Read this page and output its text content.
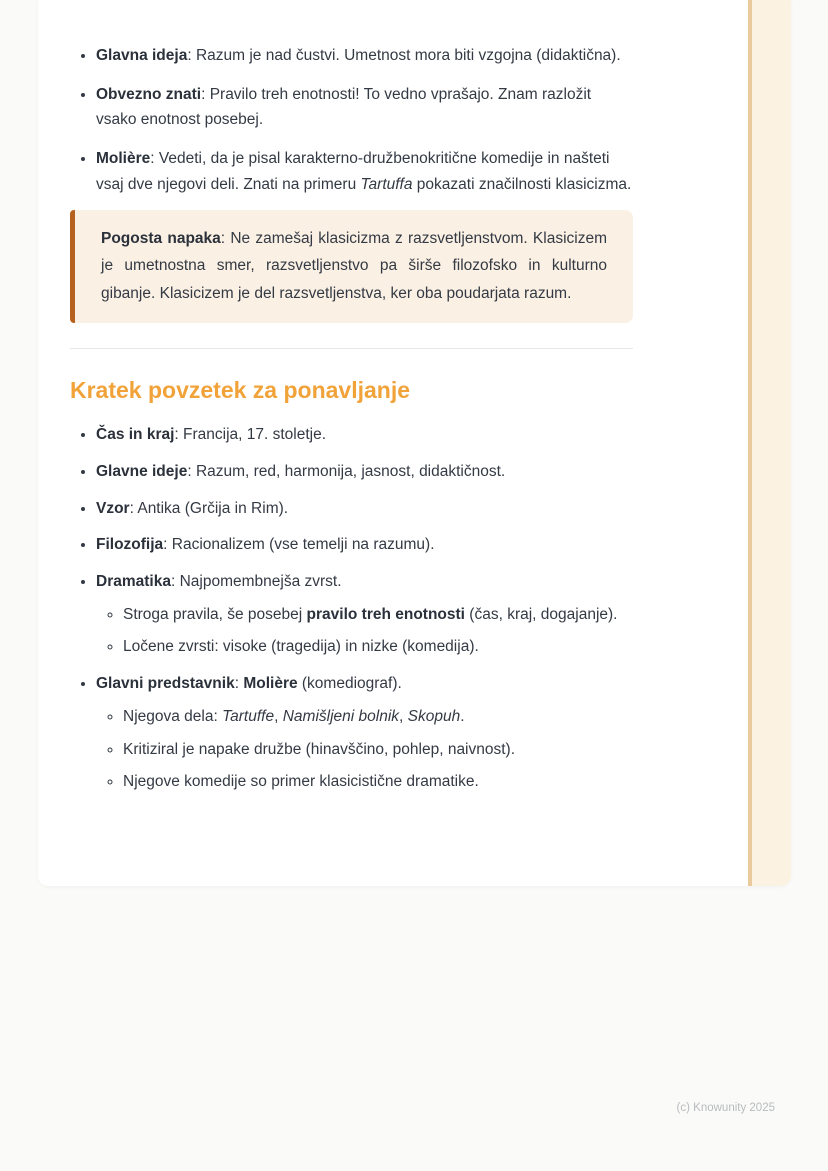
• Glavna ideja: Razum je nad čustvi. Umetnost mora biti vzgojna (didaktična).
• Obvezno znati: Pravilo treh enotnosti! To vedno vprašajo. Znam razložit vsako enotnost posebej.
• Molière: Vedeti, da je pisal karakterno-družbenokritične komedije in našteti vsaj dve njegovi deli. Znati na primeru Tartuffa pokazati značilnosti klasicizma.

Pogosta napaka: Ne zamešaj klasicizma z razsvetljenstvom. Klasicizem je umetnostna smer, razsvetljenstvo pa širše filozofsko in kulturno gibanje. Klasicizem je del razsvetljenstva, ker oba poudarjata razum.

Kratek povzetek za ponavljanje
• Čas in kraj: Francija, 17. stoletje.
• Glavne ideje: Razum, red, harmonija, jasnost, didaktičnost.
• Vzor: Antika (Grčija in Rim).
• Filozofija: Racionalizem (vse temelji na razumu).
• Dramatika: Najpomembnejša zvrst.
◦ Stroga pravila, še posebej pravilo treh enotnosti (čas, kraj, dogajanje).
◦ Ločene zvrsti: visoke (tragedija) in nizke (komedija).
• Glavni predstavnik: Molière (komediograf).
◦ Njegova dela: Tartuffe, Namišljeni bolnik, Skopuh.
◦ Kritiziral je napake družbe (hinavščino, pohlep, naivnost).
◦ Njegove komedije so primer klasicistične dramatike.
(c) Knowunity 2025
